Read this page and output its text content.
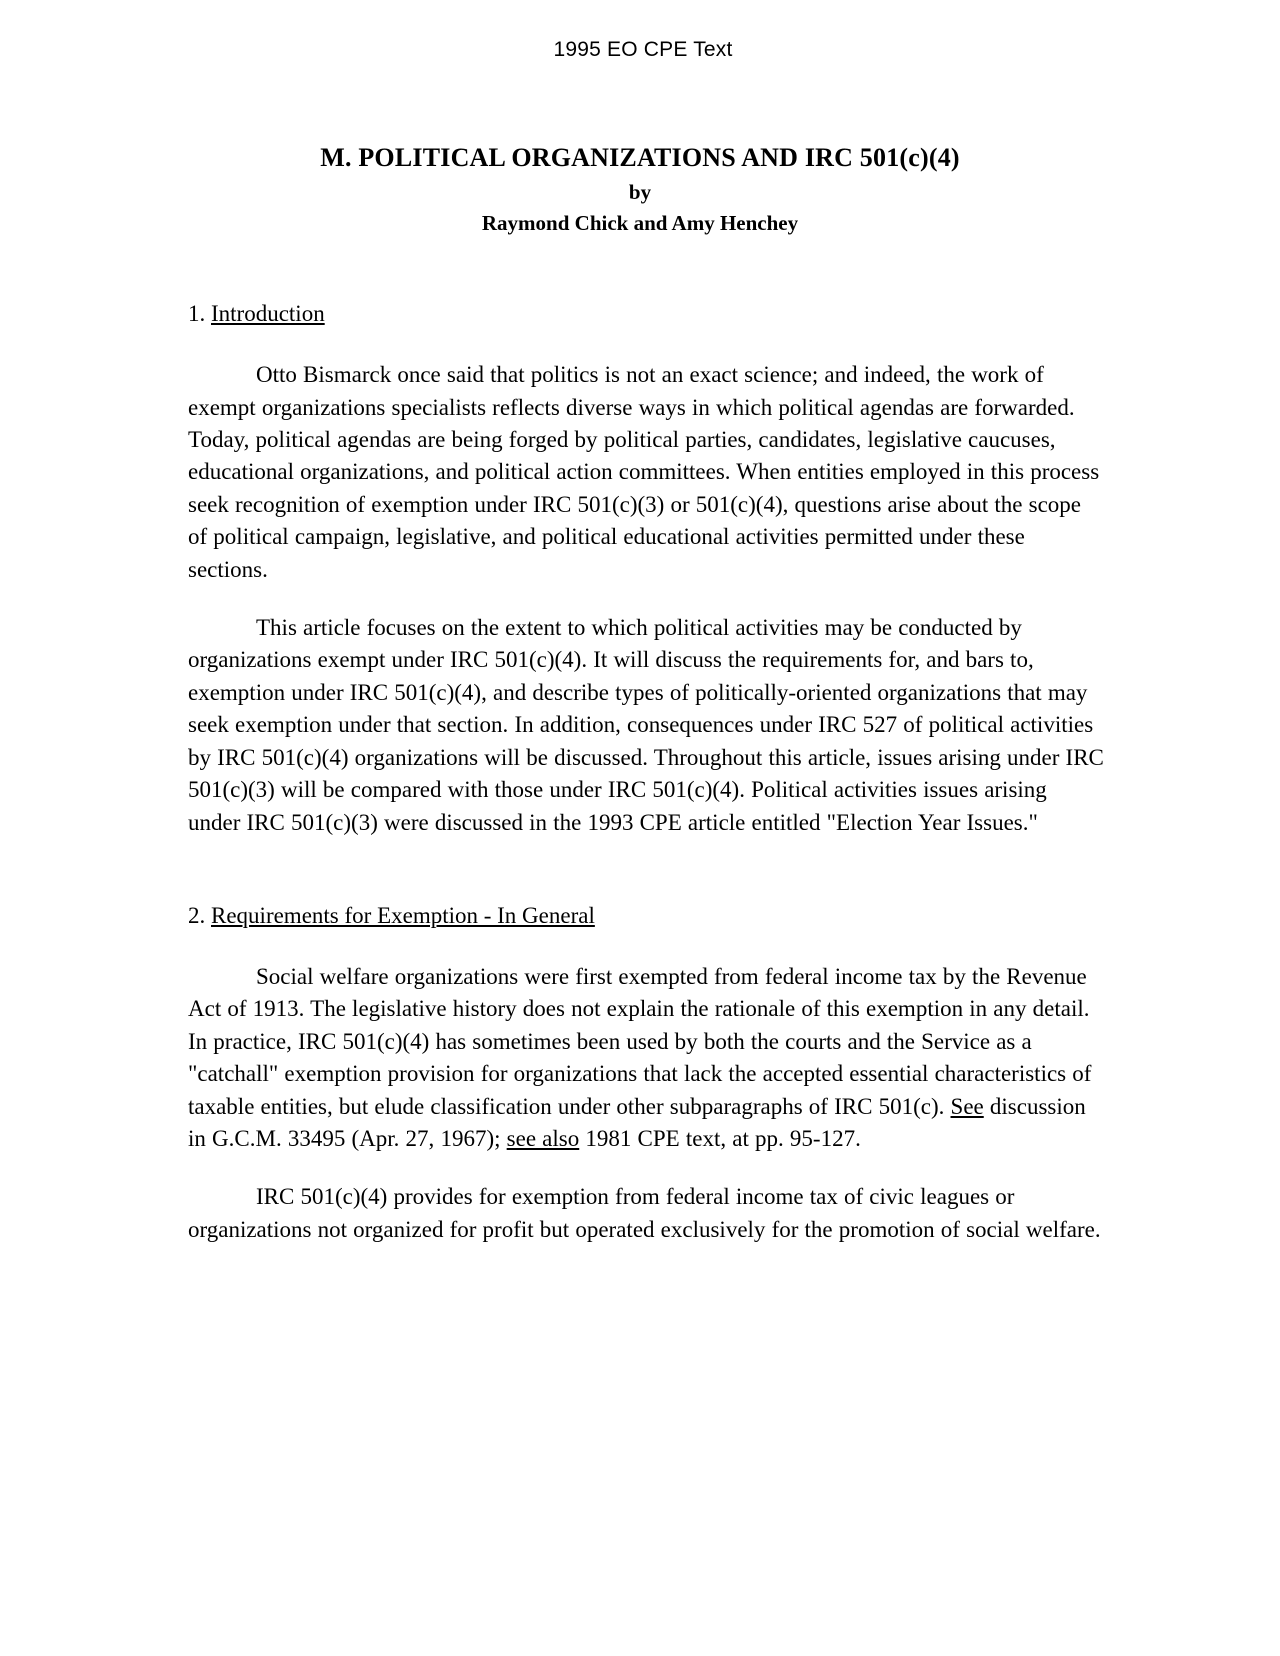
1995 EO CPE Text
M. POLITICAL ORGANIZATIONS AND IRC 501(c)(4)
by
Raymond Chick and Amy Henchey
1. Introduction

Otto Bismarck once said that politics is not an exact science; and indeed, the work of exempt organizations specialists reflects diverse ways in which political agendas are forwarded. Today, political agendas are being forged by political parties, candidates, legislative caucuses, educational organizations, and political action committees. When entities employed in this process seek recognition of exemption under IRC 501(c)(3) or 501(c)(4), questions arise about the scope of political campaign, legislative, and political educational activities permitted under these sections.

This article focuses on the extent to which political activities may be conducted by organizations exempt under IRC 501(c)(4). It will discuss the requirements for, and bars to, exemption under IRC 501(c)(4), and describe types of politically-oriented organizations that may seek exemption under that section. In addition, consequences under IRC 527 of political activities by IRC 501(c)(4) organizations will be discussed. Throughout this article, issues arising under IRC 501(c)(3) will be compared with those under IRC 501(c)(4). Political activities issues arising under IRC 501(c)(3) were discussed in the 1993 CPE article entitled "Election Year Issues."

2. Requirements for Exemption - In General

Social welfare organizations were first exempted from federal income tax by the Revenue Act of 1913. The legislative history does not explain the rationale of this exemption in any detail. In practice, IRC 501(c)(4) has sometimes been used by both the courts and the Service as a "catchall" exemption provision for organizations that lack the accepted essential characteristics of taxable entities, but elude classification under other subparagraphs of IRC 501(c). See discussion in G.C.M. 33495 (Apr. 27, 1967); see also 1981 CPE text, at pp. 95-127.

IRC 501(c)(4) provides for exemption from federal income tax of civic leagues or organizations not organized for profit but operated exclusively for the promotion of social welfare.
